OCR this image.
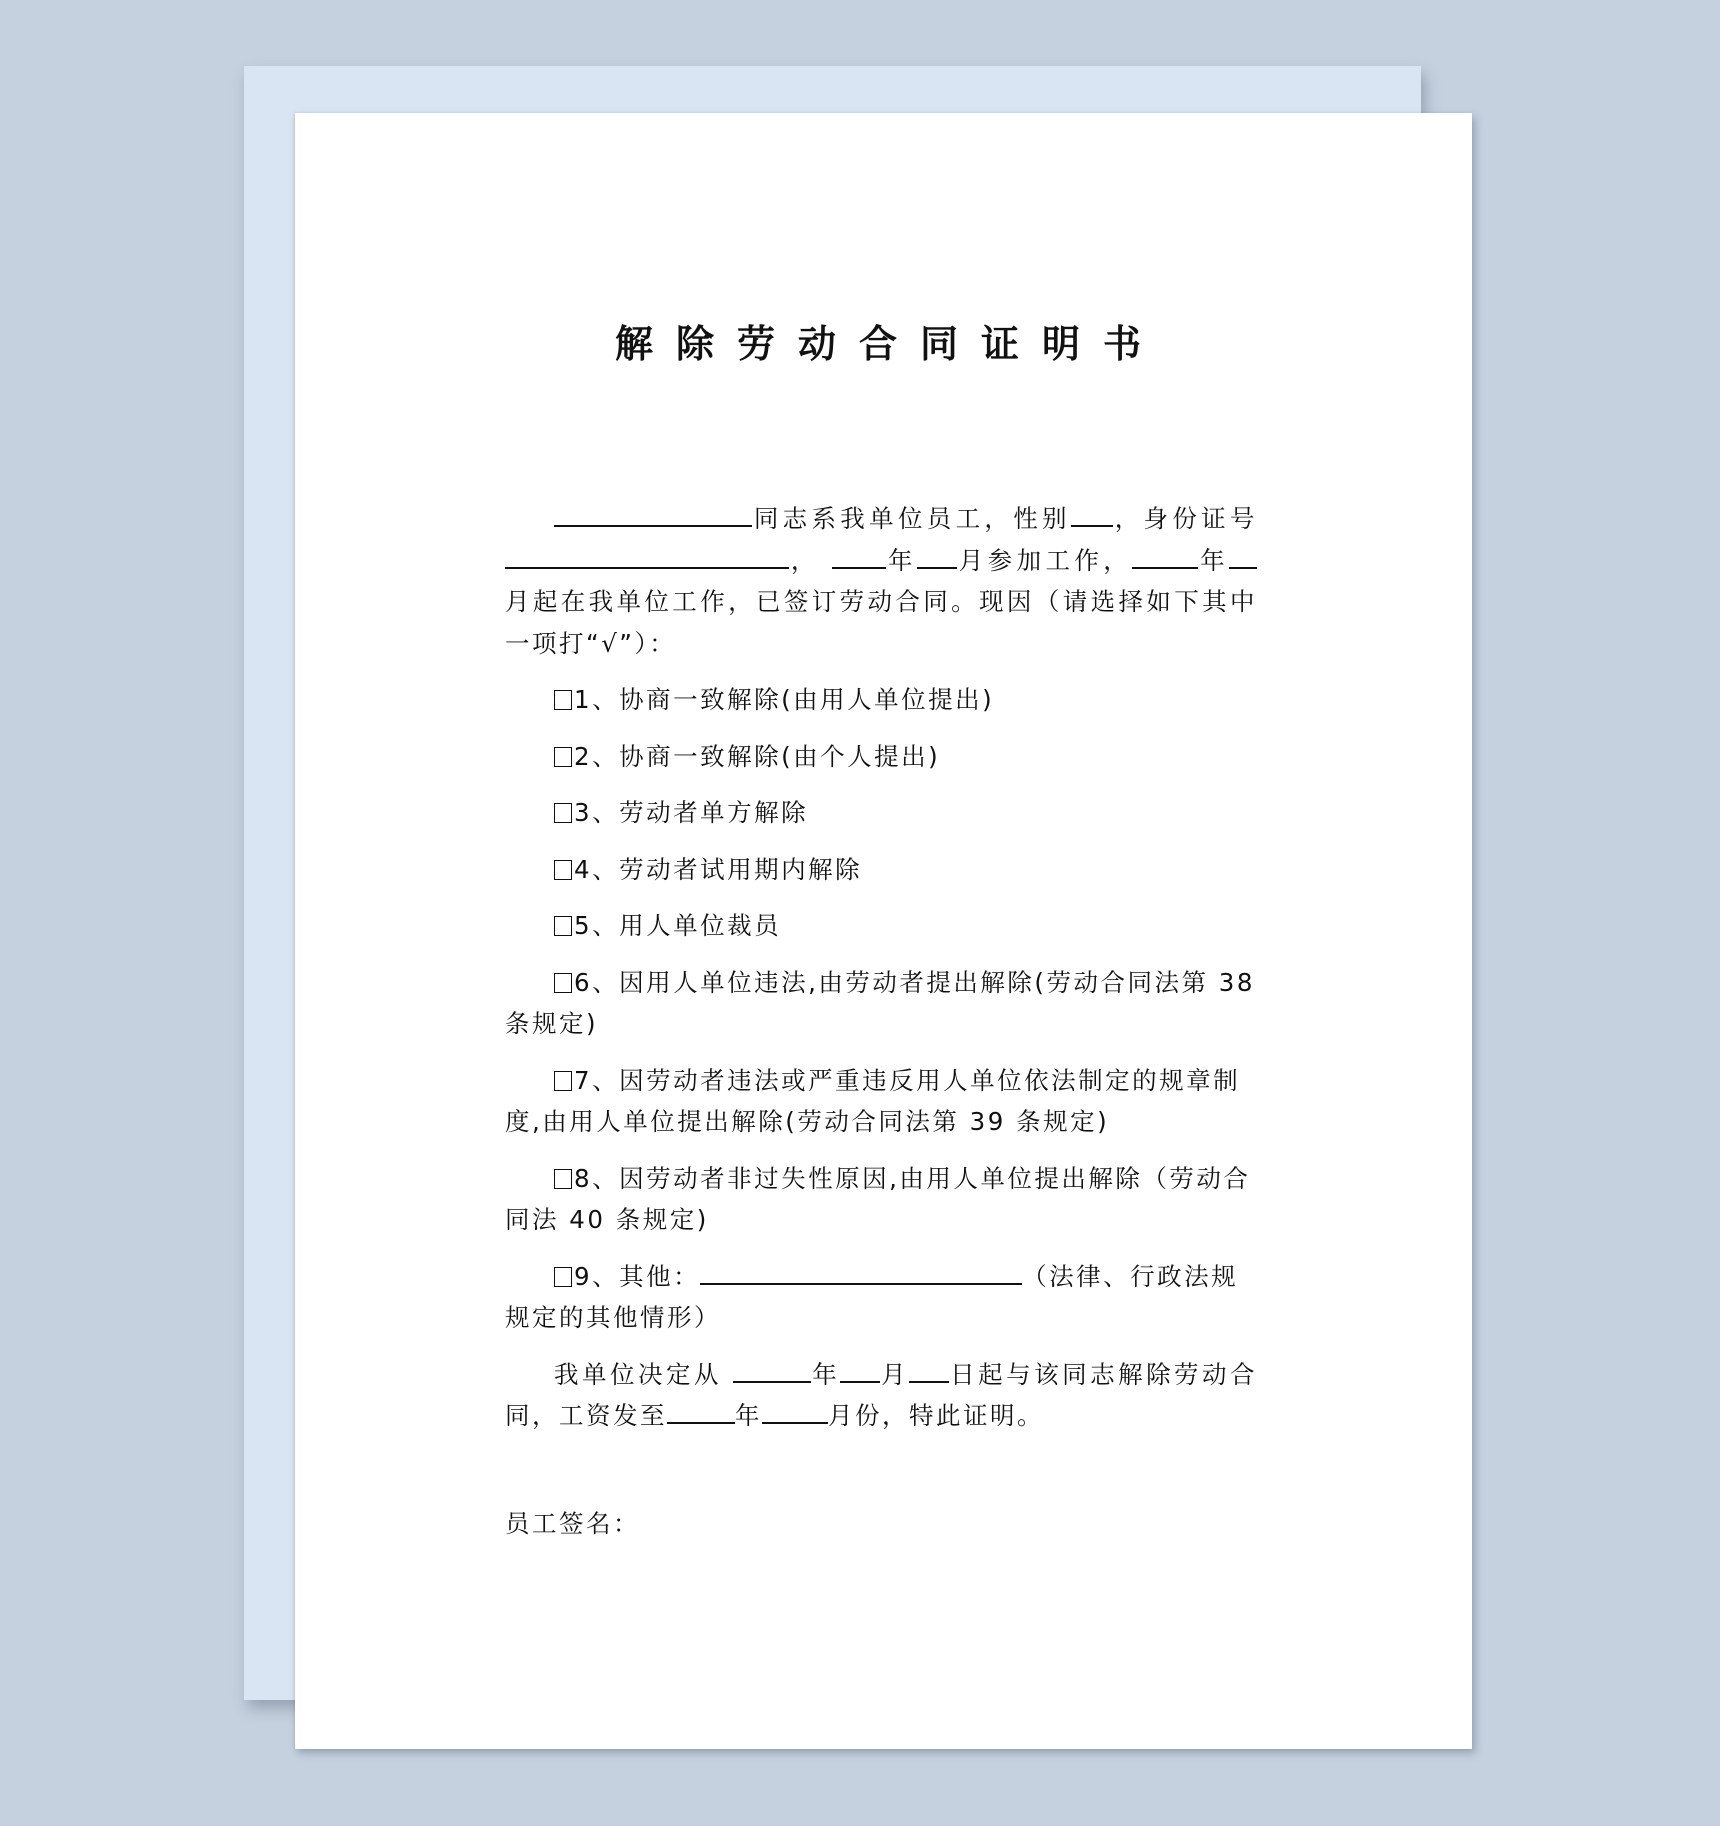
解除劳动合同证明书

同志系我单位员工，性别 ，身份证号，	年 月参加工作，	年月起在我单位工作，已签订劳动合同。现因（请选择如下其中一项打“√”）：

1、协商一致解除(由用人单位提出)

2、协商一致解除(由个人提出)

3、劳动者单方解除

4、劳动者试用期内解除

5、用人单位裁员

6、因用人单位违法,由劳动者提出解除(劳动合同法第 38 条规定)

7、因劳动者违法或严重违反用人单位依法制定的规章制度,由用人单位提出解除(劳动合同法第 39 条规定)

8、因劳动者非过失性原因,由用人单位提出解除（劳动合同法 40 条规定)

9、其他：	（法律、行政法规规定的其他情形）

我单位决定从	年 月 日起与该同志解除劳动合同，工资发至	年	月份，特此证明。

员工签名：
